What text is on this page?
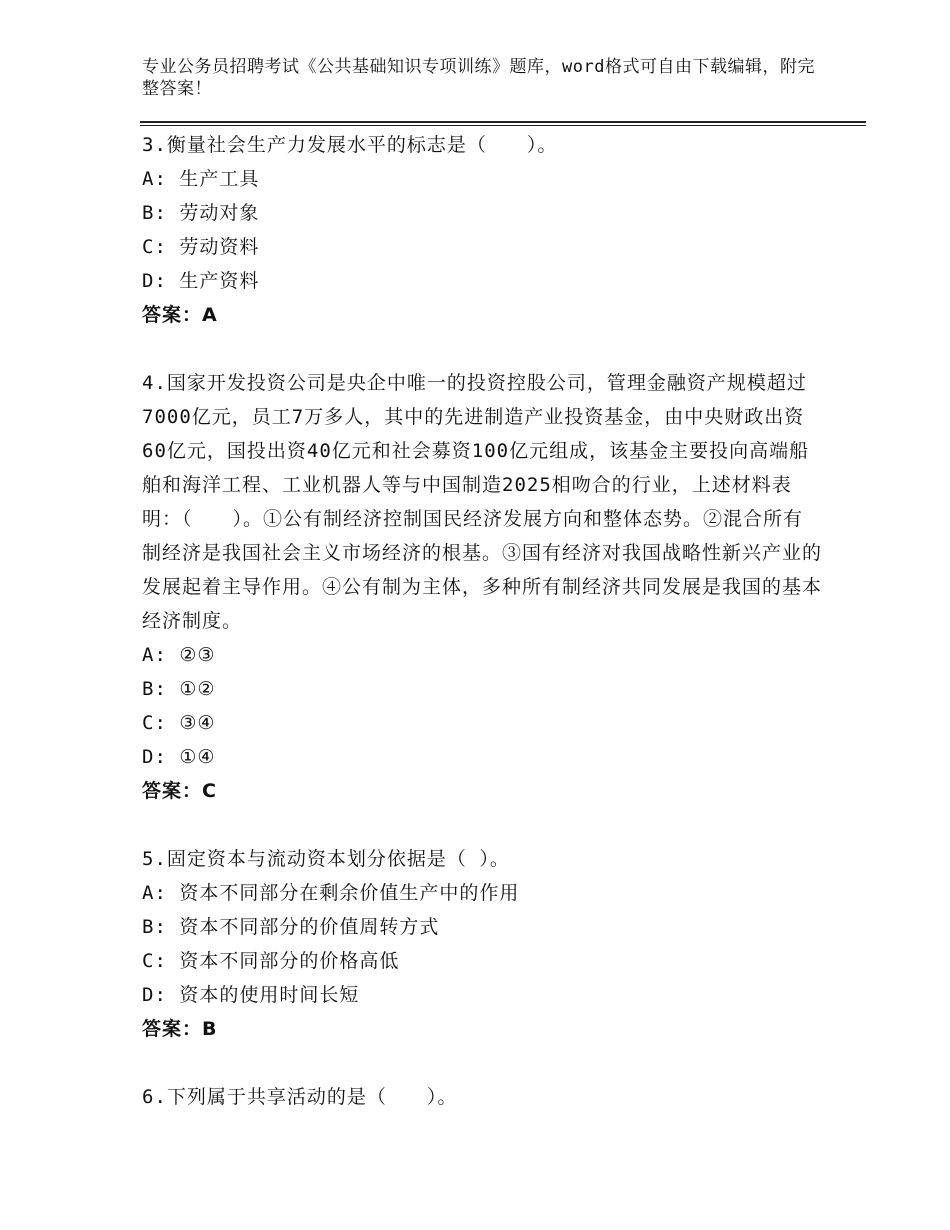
专业公务员招聘考试《公共基础知识专项训练》题库，word格式可自由下载编辑，附完整答案！
3.衡量社会生产力发展水平的标志是（　　）。
A: 生产工具
B: 劳动对象
C: 劳动资料
D: 生产资料
答案：A
4.国家开发投资公司是央企中唯一的投资控股公司，管理金融资产规模超过7000亿元，员工7万多人，其中的先进制造产业投资基金，由中央财政出资60亿元，国投出资40亿元和社会募资100亿元组成，该基金主要投向高端船舶和海洋工程、工业机器人等与中国制造2025相吻合的行业，上述材料表明：（　　）。①公有制经济控制国民经济发展方向和整体态势。②混合所有制经济是我国社会主义市场经济的根基。③国有经济对我国战略性新兴产业的发展起着主导作用。④公有制为主体，多种所有制经济共同发展是我国的基本经济制度。
A: ②③
B: ①②
C: ③④
D: ①④
答案：C
5.固定资本与流动资本划分依据是（ ）。
A: 资本不同部分在剩余价值生产中的作用
B: 资本不同部分的价值周转方式
C: 资本不同部分的价格高低
D: 资本的使用时间长短
答案：B
6.下列属于共享活动的是（　　）。
